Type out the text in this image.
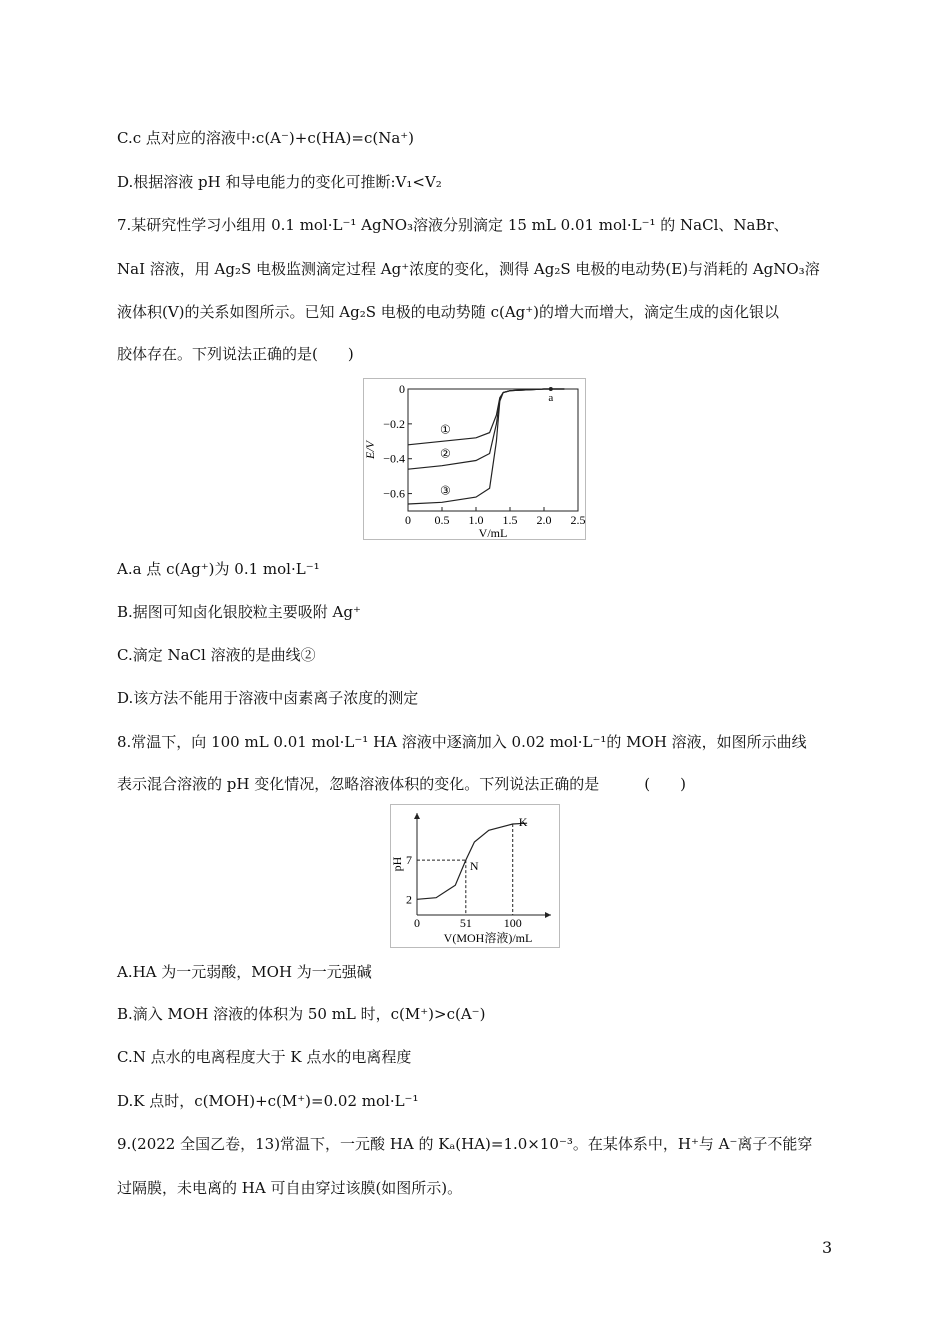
C.c 点对应的溶液中:c(A⁻)+c(HA)=c(Na⁺)
D.根据溶液 pH 和导电能力的变化可推断:V₁<V₂
7.某研究性学习小组用 0.1 mol·L⁻¹ AgNO₃溶液分别滴定 15 mL 0.01 mol·L⁻¹ 的 NaCl、NaBr、
NaI 溶液，用 Ag₂S 电极监测滴定过程 Ag⁺浓度的变化，测得 Ag₂S 电极的电动势(E)与消耗的 AgNO₃溶
液体积(V)的关系如图所示。已知 Ag₂S 电极的电动势随 c(Ag⁺)的增大而增大，滴定生成的卤化银以
胶体存在。下列说法正确的是(　　)
0 0.5 1.0 1.5 2.0 2.5
0
−0.2
−0.4
−0.6
V/mL
E/V
①
②
③
a
A.a 点 c(Ag⁺)为 0.1 mol·L⁻¹
B.据图可知卤化银胶粒主要吸附 Ag⁺
C.滴定 NaCl 溶液的是曲线②
D.该方法不能用于溶液中卤素离子浓度的测定
8.常温下，向 100 mL 0.01 mol·L⁻¹ HA 溶液中逐滴加入 0.02 mol·L⁻¹的 MOH 溶液，如图所示曲线
表示混合溶液的 pH 变化情况，忽略溶液体积的变化。下列说法正确的是　　　(　　)
0	51	100
2
7
V(MOH溶液)/mL
pH	N
K
A.HA 为一元弱酸，MOH 为一元强碱
B.滴入 MOH 溶液的体积为 50 mL 时，c(M⁺)>c(A⁻)
C.N 点水的电离程度大于 K 点水的电离程度
D.K 点时，c(MOH)+c(M⁺)=0.02 mol·L⁻¹
9.(2022 全国乙卷，13)常温下，一元酸 HA 的 Kₐ(HA)=1.0×10⁻³。在某体系中，H⁺与 A⁻离子不能穿
过隔膜，未电离的 HA 可自由穿过该膜(如图所示)。
3
